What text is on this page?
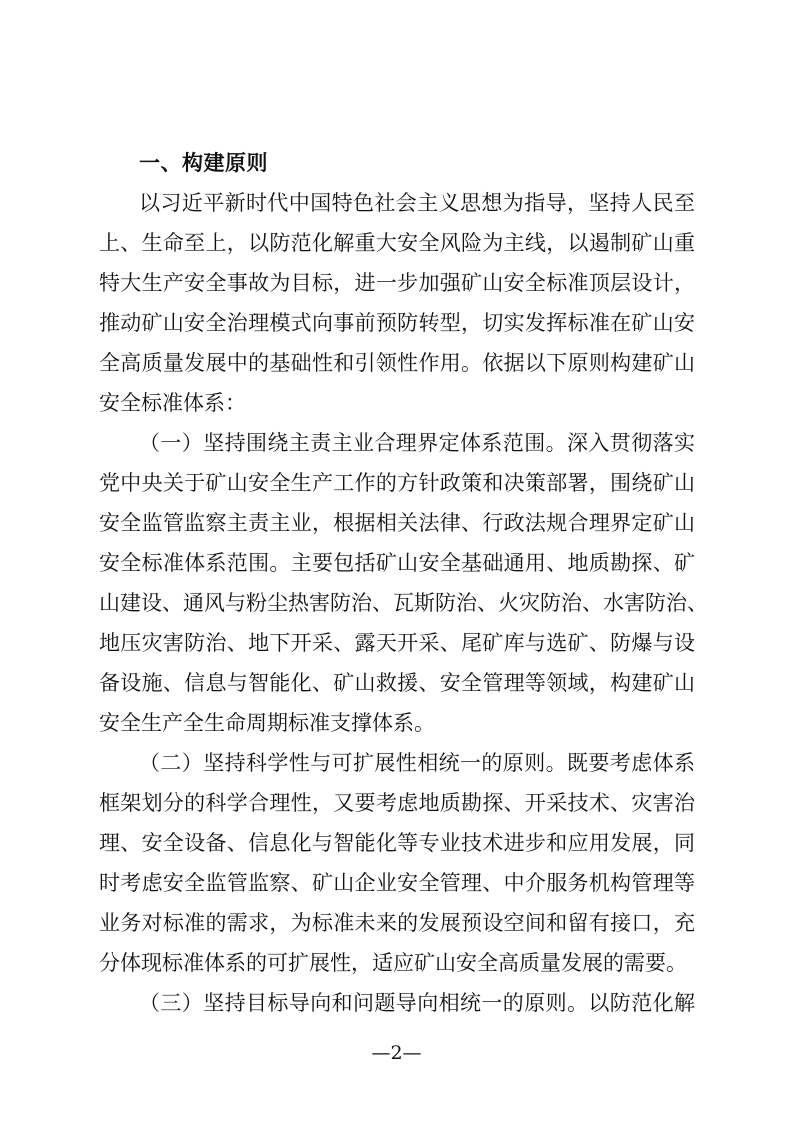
一、构建原则
以习近平新时代中国特色社会主义思想为指导，坚持人民至
上、生命至上，以防范化解重大安全风险为主线，以遏制矿山重
特大生产安全事故为目标，进一步加强矿山安全标准顶层设计，
推动矿山安全治理模式向事前预防转型，切实发挥标准在矿山安
全高质量发展中的基础性和引领性作用。依据以下原则构建矿山
安全标准体系：
（一）坚持围绕主责主业合理界定体系范围。深入贯彻落实
党中央关于矿山安全生产工作的方针政策和决策部署，围绕矿山
安全监管监察主责主业，根据相关法律、行政法规合理界定矿山
安全标准体系范围。主要包括矿山安全基础通用、地质勘探、矿
山建设、通风与粉尘热害防治、瓦斯防治、火灾防治、水害防治、
地压灾害防治、地下开采、露天开采、尾矿库与选矿、防爆与设
备设施、信息与智能化、矿山救援、安全管理等领域，构建矿山
安全生产全生命周期标准支撑体系。
（二）坚持科学性与可扩展性相统一的原则。既要考虑体系
框架划分的科学合理性，又要考虑地质勘探、开采技术、灾害治
理、安全设备、信息化与智能化等专业技术进步和应用发展，同
时考虑安全监管监察、矿山企业安全管理、中介服务机构管理等
业务对标准的需求，为标准未来的发展预设空间和留有接口，充
分体现标准体系的可扩展性，适应矿山安全高质量发展的需要。
（三）坚持目标导向和问题导向相统一的原则。以防范化解
—2—
